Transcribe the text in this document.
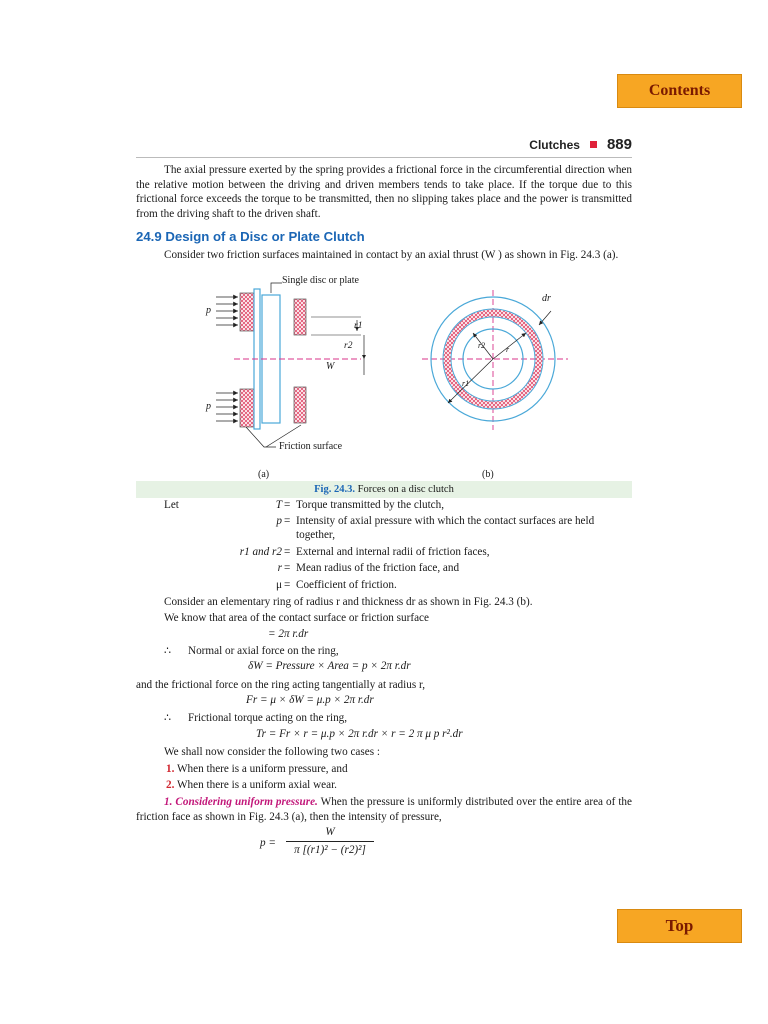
Contents
Clutches 889

The axial pressure exerted by the spring provides a frictional force in the circumferential direction when the relative motion between the driving and driven members tends to take place. If the torque due to this frictional force exceeds the torque to be transmitted, then no slipping takes place and the power is transmitted from the driving shaft to the driven shaft.

24.9 Design of a Disc or Plate Clutch

Consider two friction surfaces maintained in contact by an axial thrust (W ) as shown in Fig. 24.3 (a).

Single disc or plate
Friction surface
p
p
r1
r2
W
dr
r
r2
r1
(a)	(b)
Fig. 24.3. Forces on a disc clutch
Let	T = Torque transmitted by the clutch,
p = Intensity of axial pressure with which the contact surfaces are held together,
r1 and r2 = External and internal radii of friction faces,
r = Mean radius of the friction face, and
μ = Coefficient of friction.
Consider an elementary ring of radius r and thickness dr as shown in Fig. 24.3 (b).
We know that area of the contact surface or friction surface
= 2π r.dr
∴ Normal or axial force on the ring,
δW = Pressure × Area = p × 2π r.dr
and the frictional force on the ring acting tangentially at radius r,
Fr = μ × δW = μ.p × 2π r.dr
∴ Frictional torque acting on the ring,
Tr = Fr × r = μ.p × 2π r.dr × r = 2 π μ p r².dr
We shall now consider the following two cases :
1. When there is a uniform pressure, and
2. When there is a uniform axial wear.

1. Considering uniform pressure. When the pressure is uniformly distributed over the entire area of the friction face as shown in Fig. 24.3 (a), then the intensity of pressure,

p =
W
π [(r1)² − (r2)²]
Top
